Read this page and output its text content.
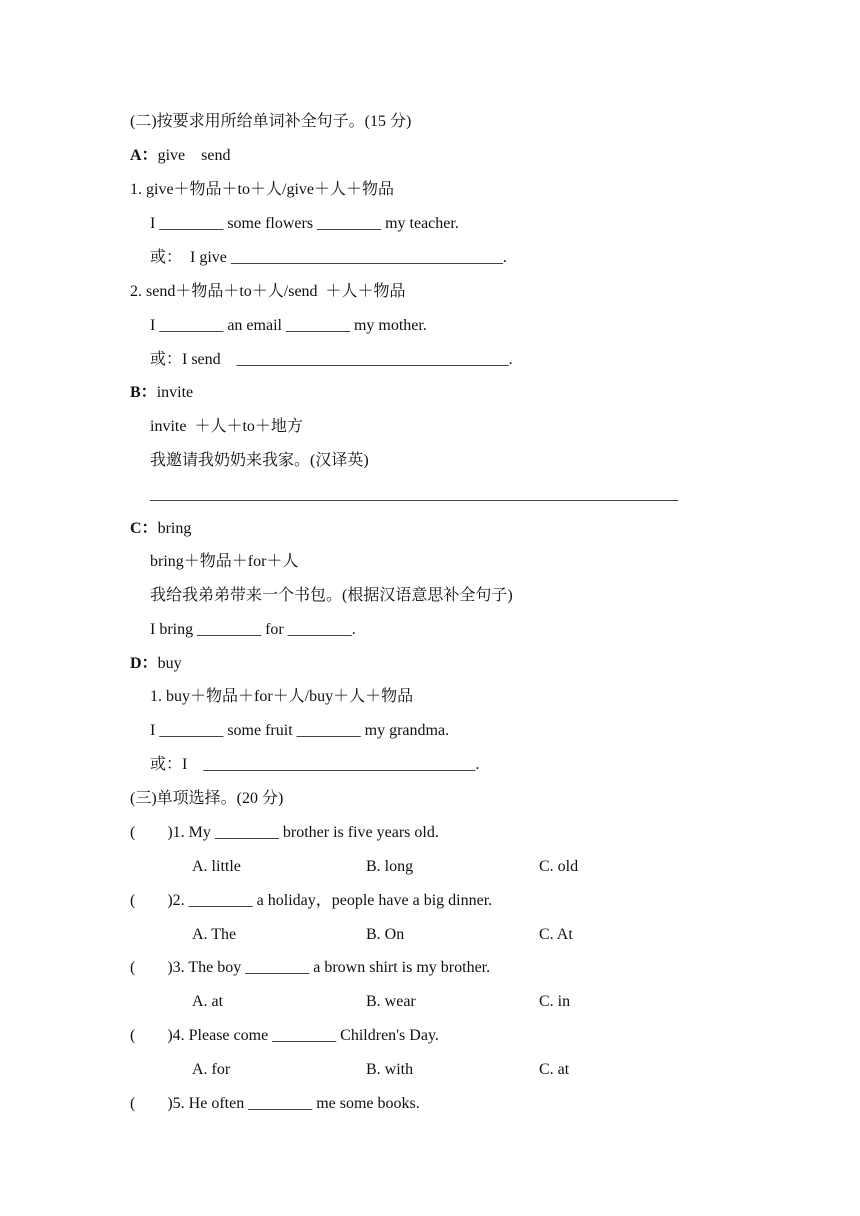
(二)按要求用所给单词补全句子。(15 分)
A：give    send
1. give＋物品＋to＋人/give＋人＋物品
I ________ some flowers ________ my teacher.
或：  I give __________________________________.
2. send＋物品＋to＋人/send  ＋人＋物品
I ________ an email ________ my mother.
或：I send    __________________________________.
B：invite
invite  ＋人＋to＋地方
我邀请我奶奶来我家。(汉译英)
__________________________________________________________________
C：bring
bring＋物品＋for＋人
我给我弟弟带来一个书包。(根据汉语意思补全句子)
I bring ________ for ________.
D：buy
1. buy＋物品＋for＋人/buy＋人＋物品
I ________ some fruit ________ my grandma.
或：I    __________________________________.
(三)单项选择。(20 分)
(        )1. My ________ brother is five years old.
A. little	B. long	C. old
(        )2. ________ a holiday，people have a big dinner.
A. The	B. On	C. At
(        )3. The boy ________ a brown shirt is my brother.
A. at	B. wear	C. in
(        )4. Please come ________ Children's Day.
A. for	B. with	C. at
(        )5. He often ________ me some books.
